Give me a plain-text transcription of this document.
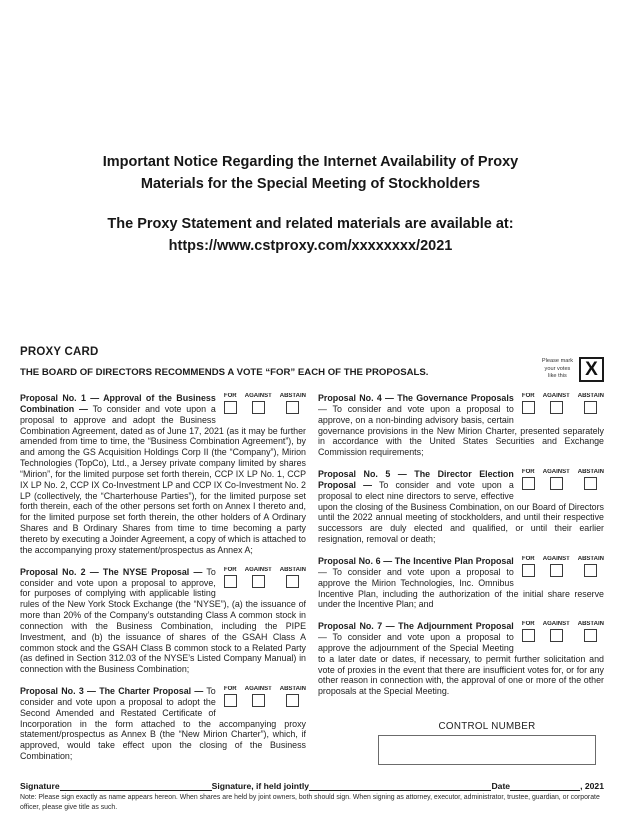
Important Notice Regarding the Internet Availability of Proxy
Materials for the Special Meeting of Stockholders
The Proxy Statement and related materials are available at:
https://www.cstproxy.com/xxxxxxxx/2021
PROXY CARD
THE BOARD OF DIRECTORS RECOMMENDS A VOTE “FOR” EACH OF THE PROPOSALS.
Please mark
your votes
like this X
FOR AGAINST ABSTAIN

Proposal No. 1 — Approval of the Business Combination — To consider and vote upon a proposal to approve and adopt the Business Combination Agreement, dated as of June 17, 2021 (as it may be further amended from time to time, the “Business Combination Agreement”), by and among the GS Acquisition Holdings Corp II (the “Company”), Mirion Technologies (TopCo), Ltd., a Jersey private company limited by shares “Mirion”, for the limited purpose set forth therein, CCP IX LP No. 1, CCP IX LP No. 2, CCP IX Co-Investment LP and CCP IX Co-Investment No. 2 LP (collectively, the “Charterhouse Parties”), for the limited purpose set forth therein, each of the other persons set forth on Annex I thereto and, for the limited purpose set forth therein, the other holders of A Ordinary Shares and B Ordinary Shares from time to time becoming a party thereto by executing a Joinder Agreement, a copy of which is attached to the accompanying proxy statement/prospectus as Annex A;

FOR AGAINST ABSTAIN

Proposal No. 2 — The NYSE Proposal — To consider and vote upon a proposal to approve, for purposes of complying with applicable listing rules of the New York Stock Exchange (the “NYSE”), (a) the issuance of more than 20% of the Company’s outstanding Class A common stock in connection with the Business Combination, including the PIPE Investment, and (b) the issuance of shares of the GSAH Class A common stock and the GSAH Class B common stock to a Related Party (as defined in Section 312.03 of the NYSE’s Listed Company Manual) in connection with the Business Combination;

FOR AGAINST ABSTAIN

Proposal No. 3 — The Charter Proposal — To consider and vote upon a proposal to adopt the Second Amended and Restated Certificate of Incorporation in the form attached to the accompanying proxy statement/prospectus as Annex B (the “New Mirion Charter”), which, if approved, would take effect upon the closing of the Business Combination;

FOR AGAINST ABSTAIN

Proposal No. 4 — The Governance Proposals — To consider and vote upon a proposal to approve, on a non-binding advisory basis, certain governance provisions in the New Mirion Charter, presented separately in accordance with the United States Securities and Exchange Commission requirements;

FOR AGAINST ABSTAIN

Proposal No. 5 — The Director Election Proposal — To consider and vote upon a proposal to elect nine directors to serve, effective upon the closing of the Business Combination, on our Board of Directors until the 2022 annual meeting of stockholders, and until their respective successors are duly elected and qualified, or until their earlier resignation, removal or death;

FOR AGAINST ABSTAIN

Proposal No. 6 — The Incentive Plan Proposal — To consider and vote upon a proposal to approve the Mirion Technologies, Inc. Omnibus Incentive Plan, including the authorization of the initial share reserve under the Incentive Plan; and

FOR AGAINST ABSTAIN

Proposal No. 7 — The Adjournment Proposal — To consider and vote upon a proposal to approve the adjournment of the Special Meeting to a later date or dates, if necessary, to permit further solicitation and vote of proxies in the event that there are insufficient votes for, or for any other reason in connection with, the approval of one or more of the other proposals at the Special Meeting.

CONTROL NUMBER
Signature	Signature, if held jointly	Date	, 2021
Note: Please sign exactly as name appears hereon. When shares are held by joint owners, both should sign. When signing as attorney, executor, administrator, trustee, guardian, or corporate officer, please give title as such.
